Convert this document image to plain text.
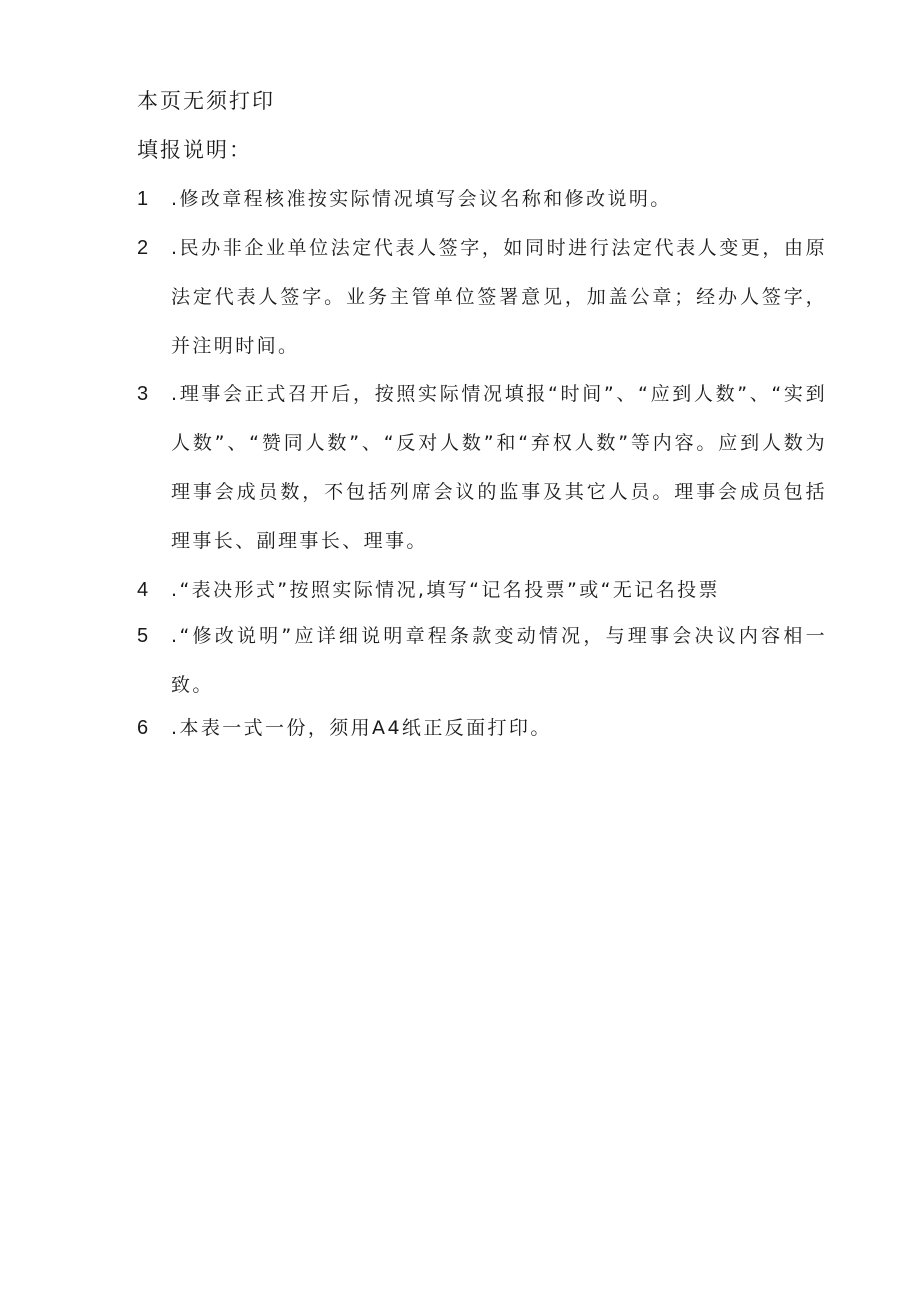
本页无须打印
填报说明：
1	.修改章程核准按实际情况填写会议名称和修改说明。
2	.民办非企业单位法定代表人签字，如同时进行法定代表人变更，由原法定代表人签字。业务主管单位签署意见，加盖公章；经办人签字，并注明时间。
3	.理事会正式召开后，按照实际情况填报“时间”、“应到人数”、“实到人数”、“赞同人数”、“反对人数”和“弃权人数”等内容。应到人数为理事会成员数，不包括列席会议的监事及其它人员。理事会成员包括理事长、副理事长、理事。
4	.“表决形式”按照实际情况,填写“记名投票”或“无记名投票
5	.“修改说明”应详细说明章程条款变动情况，与理事会决议内容相一致。
6	.本表一式一份，须用A4纸正反面打印。
